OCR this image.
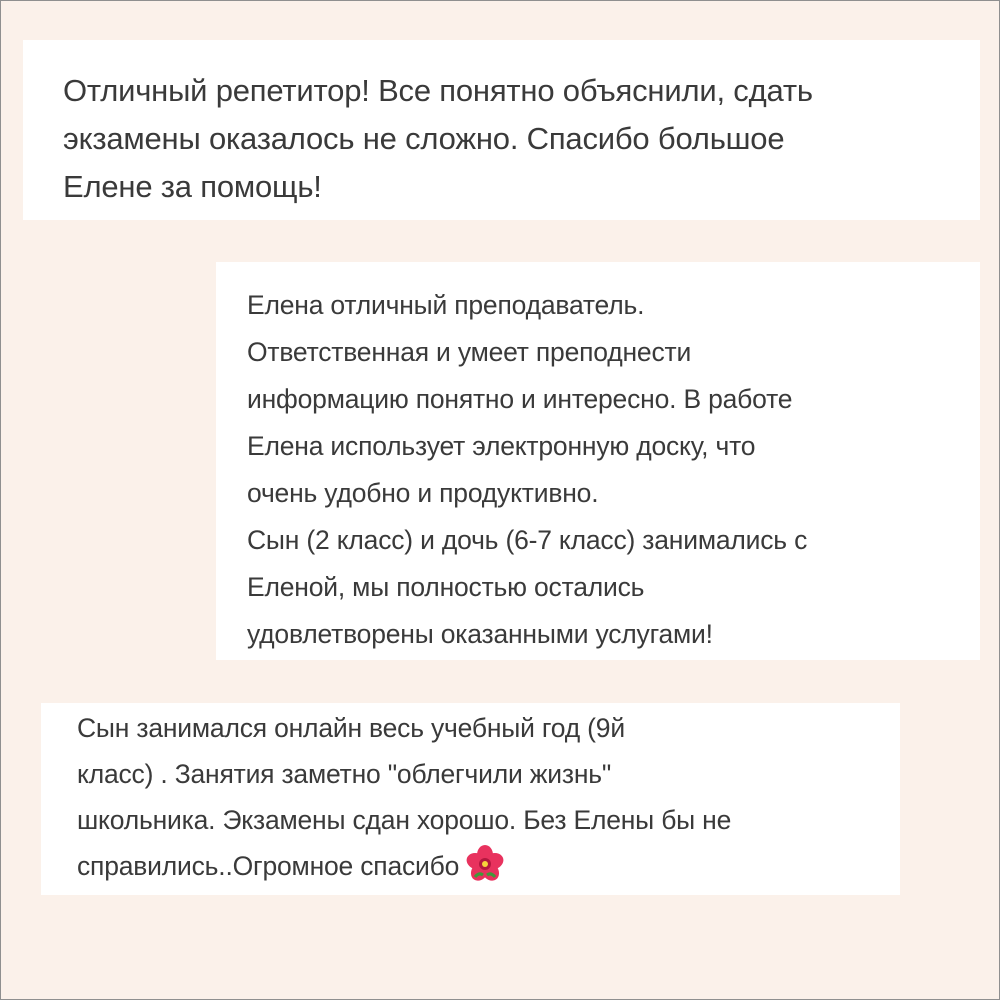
Отличный репетитор! Все понятно объяснили, сдать
экзамены оказалось не сложно. Спасибо большое
Елене за помощь!

Елена отличный преподаватель.
Ответственная и умеет преподнести
информацию понятно и интересно. В работе
Елена использует электронную доску, что
очень удобно и продуктивно.
Сын (2 класс) и дочь (6-7 класс) занимались с
Еленой, мы полностью остались
удовлетворены оказанными услугами!

Сын занимался онлайн весь учебный год (9й
класс) . Занятия заметно "облегчили жизнь"
школьника. Экзамены сдан хорошо. Без Елены бы не
справились..Огромное спасибо
